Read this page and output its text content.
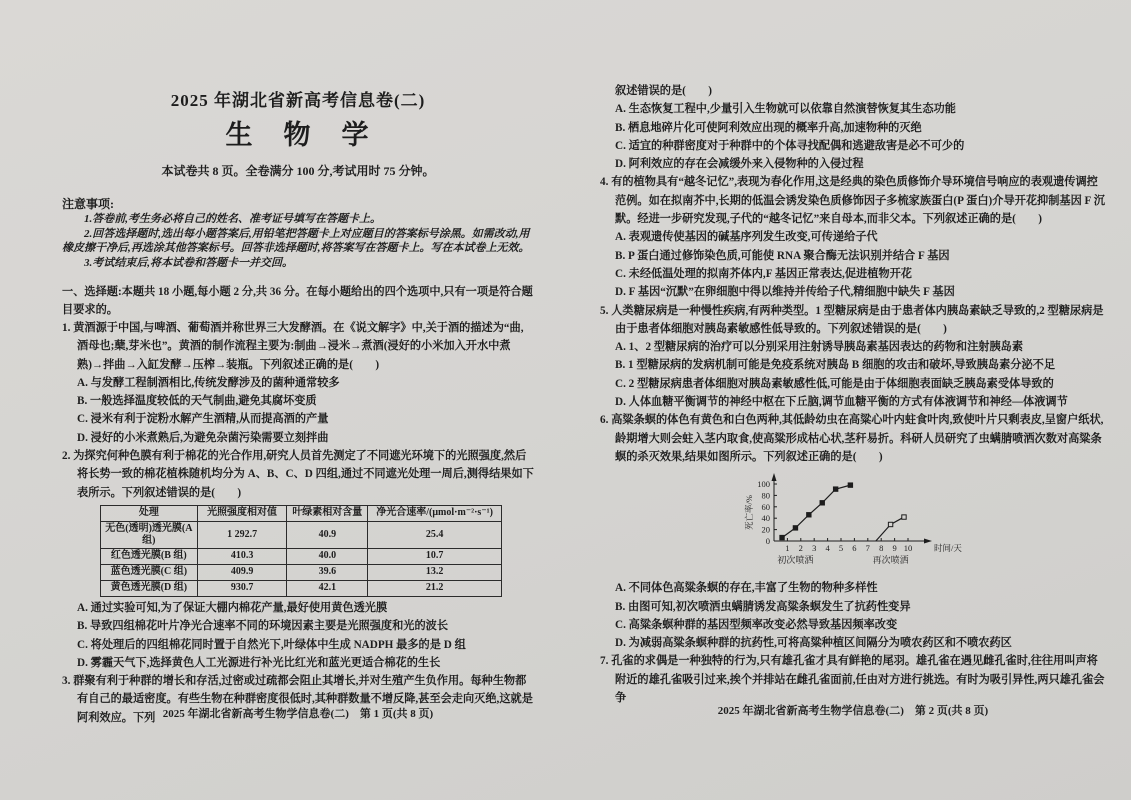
2025 年湖北省新高考信息卷(二)
生　物　学
本试卷共 8 页。全卷满分 100 分,考试用时 75 分钟。
注意事项:

1.答卷前,考生务必将自己的姓名、准考证号填写在答题卡上。

2.回答选择题时,选出每小题答案后,用铅笔把答题卡上对应题目的答案标号涂黑。如需改动,用橡皮擦干净后,再选涂其他答案标号。回答非选择题时,将答案写在答题卡上。写在本试卷上无效。

3.考试结束后,将本试卷和答题卡一并交回。

一、选择题:本题共 18 小题,每小题 2 分,共 36 分。在每小题给出的四个选项中,只有一项是符合题目要求的。

1. 黄酒源于中国,与啤酒、葡萄酒并称世界三大发酵酒。在《说文解字》中,关于酒的描述为“曲,酒母也;蘖,芽米也”。黄酒的制作流程主要为:制曲→浸米→煮酒(浸好的小米加入开水中煮熟)→拌曲→入缸发酵→压榨→装瓶。下列叙述正确的是(　　)

A. 与发酵工程制酒相比,传统发酵涉及的菌种通常较多

B. 一般选择温度较低的天气制曲,避免其腐坏变质

C. 浸米有利于淀粉水解产生酒精,从而提高酒的产量

D. 浸好的小米煮熟后,为避免杂菌污染需要立刻拌曲

2. 为探究何种色膜有利于棉花的光合作用,研究人员首先测定了不同遮光环境下的光照强度,然后将长势一致的棉花植株随机均分为 A、B、C、D 四组,通过不同遮光处理一周后,测得结果如下表所示。下列叙述错误的是(　　)

处理	光照强度相对值	叶绿素相对含量	净光合速率/(μmol·m⁻²·s⁻¹)
无色(透明)透光膜(A 组)	1 292.7	40.9	25.4
红色透光膜(B 组)	410.3	40.0	10.7
蓝色透光膜(C 组)	409.9	39.6	13.2
黄色透光膜(D 组)	930.7	42.1	21.2

A. 通过实验可知,为了保证大棚内棉花产量,最好使用黄色透光膜

B. 导致四组棉花叶片净光合速率不同的环境因素主要是光照强度和光的波长

C. 将处理后的四组棉花同时置于自然光下,叶绿体中生成 NADPH 最多的是 D 组

D. 雾霾天气下,选择黄色人工光源进行补光比红光和蓝光更适合棉花的生长

3. 群聚有利于种群的增长和存活,过密或过疏都会阻止其增长,并对生殖产生负作用。每种生物都有自己的最适密度。有些生物在种群密度很低时,其种群数量不增反降,甚至会走向灭绝,这就是阿利效应。下列

叙述错误的是(　　)

A. 生态恢复工程中,少量引入生物就可以依靠自然演替恢复其生态功能

B. 栖息地碎片化可使阿利效应出现的概率升高,加速物种的灭绝

C. 适宜的种群密度对于种群中的个体寻找配偶和逃避敌害是必不可少的

D. 阿利效应的存在会减缓外来入侵物种的入侵过程

4. 有的植物具有“越冬记忆”,表现为春化作用,这是经典的染色质修饰介导环境信号响应的表观遗传调控范例。如在拟南芥中,长期的低温会诱发染色质修饰因子多梳家族蛋白(P 蛋白)介导开花抑制基因 F 沉默。经进一步研究发现,子代的“越冬记忆”来自母本,而非父本。下列叙述正确的是(　　)

A. 表观遗传使基因的碱基序列发生改变,可传递给子代

B. P 蛋白通过修饰染色质,可能使 RNA 聚合酶无法识别并结合 F 基因

C. 未经低温处理的拟南芥体内,F 基因正常表达,促进植物开花

D. F 基因“沉默”在卵细胞中得以维持并传给子代,精细胞中缺失 F 基因

5. 人类糖尿病是一种慢性疾病,有两种类型。1 型糖尿病是由于患者体内胰岛素缺乏导致的,2 型糖尿病是由于患者体细胞对胰岛素敏感性低导致的。下列叙述错误的是(　　)

A. 1、2 型糖尿病的治疗可以分别采用注射诱导胰岛素基因表达的药物和注射胰岛素

B. 1 型糖尿病的发病机制可能是免疫系统对胰岛 B 细胞的攻击和破坏,导致胰岛素分泌不足

C. 2 型糖尿病患者体细胞对胰岛素敏感性低,可能是由于体细胞表面缺乏胰岛素受体导致的

D. 人体血糖平衡调节的神经中枢在下丘脑,调节血糖平衡的方式有体液调节和神经—体液调节

6. 高粱条螟的体色有黄色和白色两种,其低龄幼虫在高粱心叶内蛀食叶肉,致使叶片只剩表皮,呈窗户纸状,龄期增大则会蛀入茎内取食,使高粱形成枯心状,茎秆易折。科研人员研究了虫螨腈喷洒次数对高粱条螟的杀灭效果,结果如图所示。下列叙述正确的是(　　)

0
20
40
60
80
100
1 2 3 4 5 6 7 8 9 10	时间/天
死亡率/%
初次喷洒	再次喷洒

A. 不同体色高粱条螟的存在,丰富了生物的物种多样性

B. 由图可知,初次喷洒虫螨腈诱发高粱条螟发生了抗药性变异

C. 高粱条螟种群的基因型频率改变必然导致基因频率改变

D. 为减弱高粱条螟种群的抗药性,可将高粱种植区间隔分为喷农药区和不喷农药区

7. 孔雀的求偶是一种独特的行为,只有雄孔雀才具有鲜艳的尾羽。雄孔雀在遇见雌孔雀时,往往用叫声将附近的雄孔雀吸引过来,挨个并排站在雌孔雀面前,任由对方进行挑选。有时为吸引异性,两只雄孔雀会争

2025 年湖北省新高考生物学信息卷(二)　第 1 页(共 8 页)	2025 年湖北省新高考生物学信息卷(二)　第 2 页(共 8 页)
